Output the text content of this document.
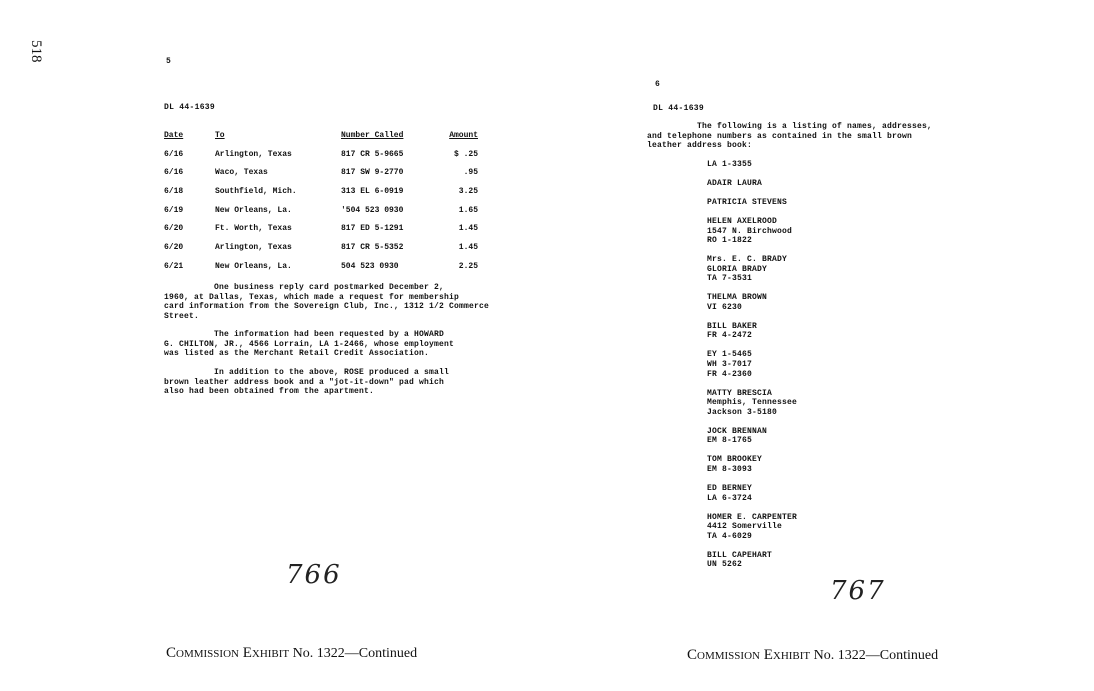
518	5
DL 44-1639
Date	To	Number Called	Amount
6/16	Arlington, Texas	817 CR 5-9665	$ .25
6/16	Waco, Texas	817 SW 9-2770	.95
6/18	Southfield, Mich.	313 EL 6-0919	3.25
6/19	New Orleans, La.	'504 523 0930	1.65
6/20	Ft. Worth, Texas	817 ED 5-1291	1.45
6/20	Arlington, Texas	817 CR 5-5352	1.45
6/21	New Orleans, La.	504 523 0930	2.25
One business reply card postmarked December 2,
1960, at Dallas, Texas, which made a request for membership
card information from the Sovereign Club, Inc., 1312 1/2 Commerce
Street.
The information had been requested by a HOWARD
G. CHILTON, JR., 4566 Lorrain, LA 1-2466, whose employment
was listed as the Merchant Retail Credit Association.
In addition to the above, ROSE produced a small
brown leather address book and a "jot-it-down" pad which
also had been obtained from the apartment.
766
Commission Exhibit No. 1322—Continued
6
DL 44-1639
The following is a listing of names, addresses,
and telephone numbers as contained in the small brown
leather address book:
LA 1-3355
ADAIR LAURA
PATRICIA STEVENS
HELEN AXELROOD
1547 N. Birchwood
RO 1-1822
Mrs. E. C. BRADY
GLORIA BRADY
TA 7-3531
THELMA BROWN
VI 6230
BILL BAKER
FR 4-2472
EY 1-5465
WH 3-7017
FR 4-2360
MATTY BRESCIA
Memphis, Tennessee
Jackson 3-5180
JOCK BRENNAN
EM 8-1765
TOM BROOKEY
EM 8-3093
ED BERNEY
LA 6-3724
HOMER E. CARPENTER
4412 Somerville
TA 4-6029
BILL CAPEHART
UN 5262
767
Commission Exhibit No. 1322—Continued
